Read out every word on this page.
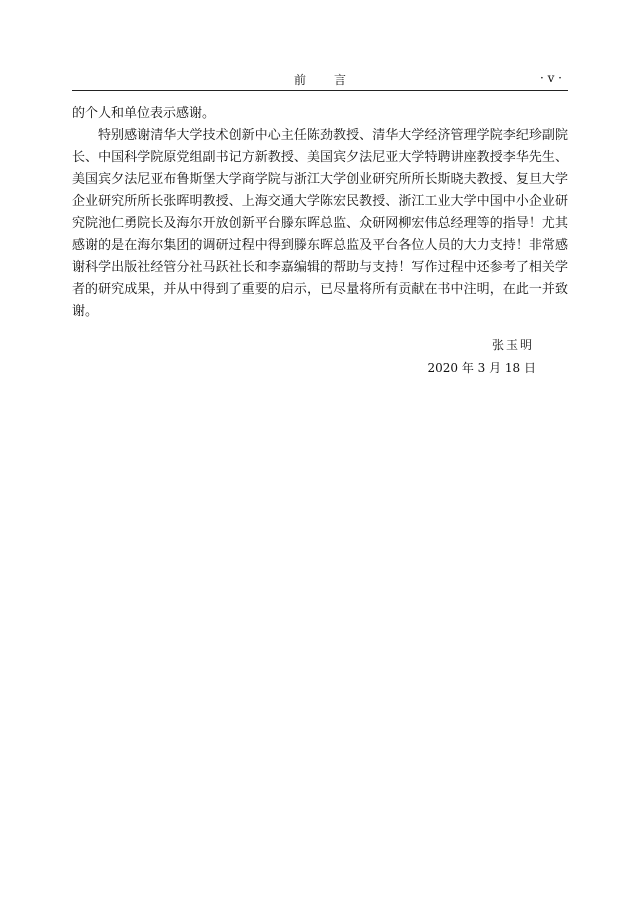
前 言	· v ·

的个人和单位表示感谢。

特别感谢清华大学技术创新中心主任陈劲教授、清华大学经济管理学院李纪珍副院长、中国科学院原党组副书记方新教授、美国宾夕法尼亚大学特聘讲座教授李华先生、美国宾夕法尼亚布鲁斯堡大学商学院与浙江大学创业研究所所长斯晓夫教授、复旦大学企业研究所所长张晖明教授、上海交通大学陈宏民教授、浙江工业大学中国中小企业研究院池仁勇院长及海尔开放创新平台滕东晖总监、众研网柳宏伟总经理等的指导！尤其感谢的是在海尔集团的调研过程中得到滕东晖总监及平台各位人员的大力支持！非常感谢科学出版社经管分社马跃社长和李嘉编辑的帮助与支持！写作过程中还参考了相关学者的研究成果，并从中得到了重要的启示，已尽量将所有贡献在书中注明，在此一并致谢。

张玉明
2020 年 3 月 18 日
